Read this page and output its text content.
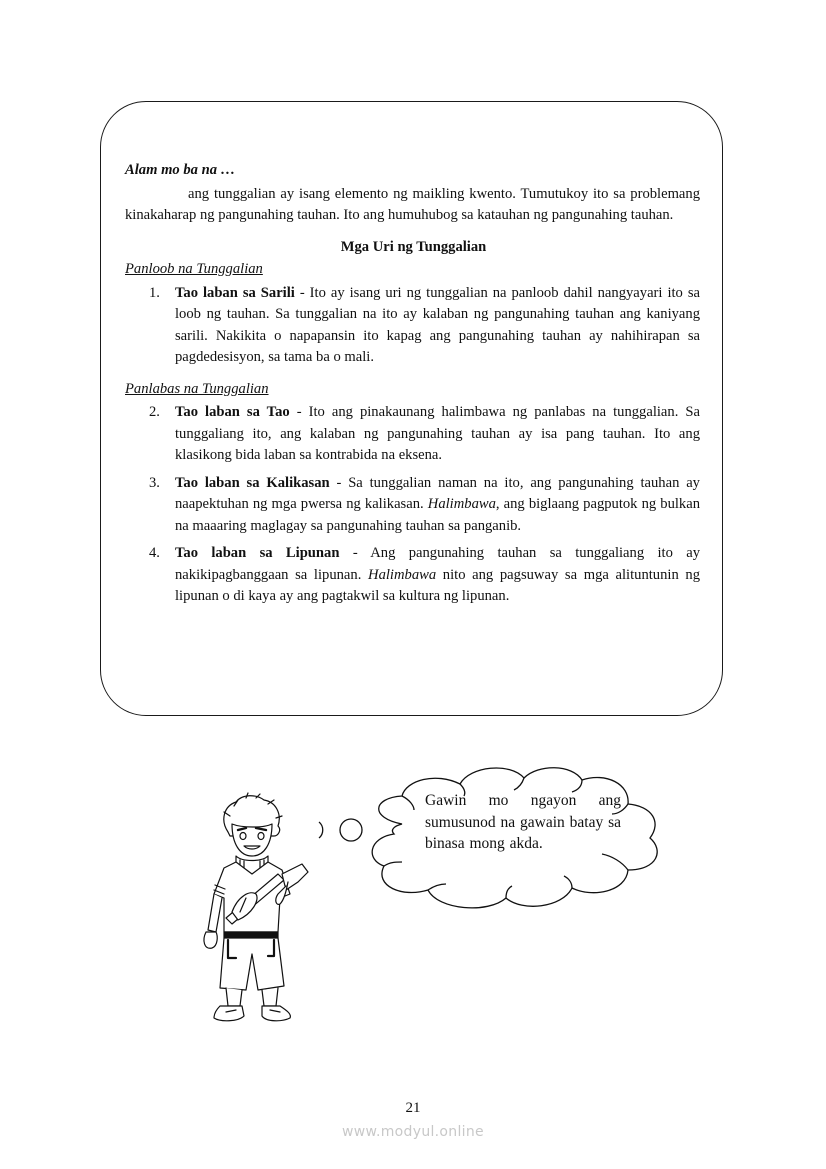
Alam mo ba na …

ang tunggalian ay isang elemento ng maikling kwento. Tumutukoy ito sa problemang kinakaharap ng pangunahing tauhan. Ito ang humuhubog sa katauhan ng pangunahing tauhan.

Mga Uri ng Tunggalian

Panloob na Tunggalian
1. Tao laban sa Sarili - Ito ay isang uri ng tunggalian na panloob dahil nangyayari ito sa loob ng tauhan. Sa tunggalian na ito ay kalaban ng pangunahing tauhan ang kaniyang sarili. Nakikita o napapansin ito kapag ang pangunahing tauhan ay nahihirapan sa pagdedesisyon, sa tama ba o mali.
Panlabas na Tunggalian
2. Tao laban sa Tao - Ito ang pinakaunang halimbawa ng panlabas na tunggalian. Sa tunggaliang ito, ang kalaban ng pangunahing tauhan ay isa pang tauhan. Ito ang klasikong bida laban sa kontrabida na eksena.
3. Tao laban sa Kalikasan - Sa tunggalian naman na ito, ang pangunahing tauhan ay naapektuhan ng mga pwersa ng kalikasan. Halimbawa, ang biglaang pagputok ng bulkan na maaaring maglagay sa pangunahing tauhan sa panganib.
4. Tao laban sa Lipunan - Ang pangunahing tauhan sa tunggaliang ito ay nakikipagbanggaan sa lipunan. Halimbawa nito ang pagsuway sa mga alituntunin ng lipunan o di kaya ay ang pagtakwil sa kultura ng lipunan.
Gawin mo ngayon ang sumusunod na gawain batay sa binasa mong akda.
21
www.modyul.online
